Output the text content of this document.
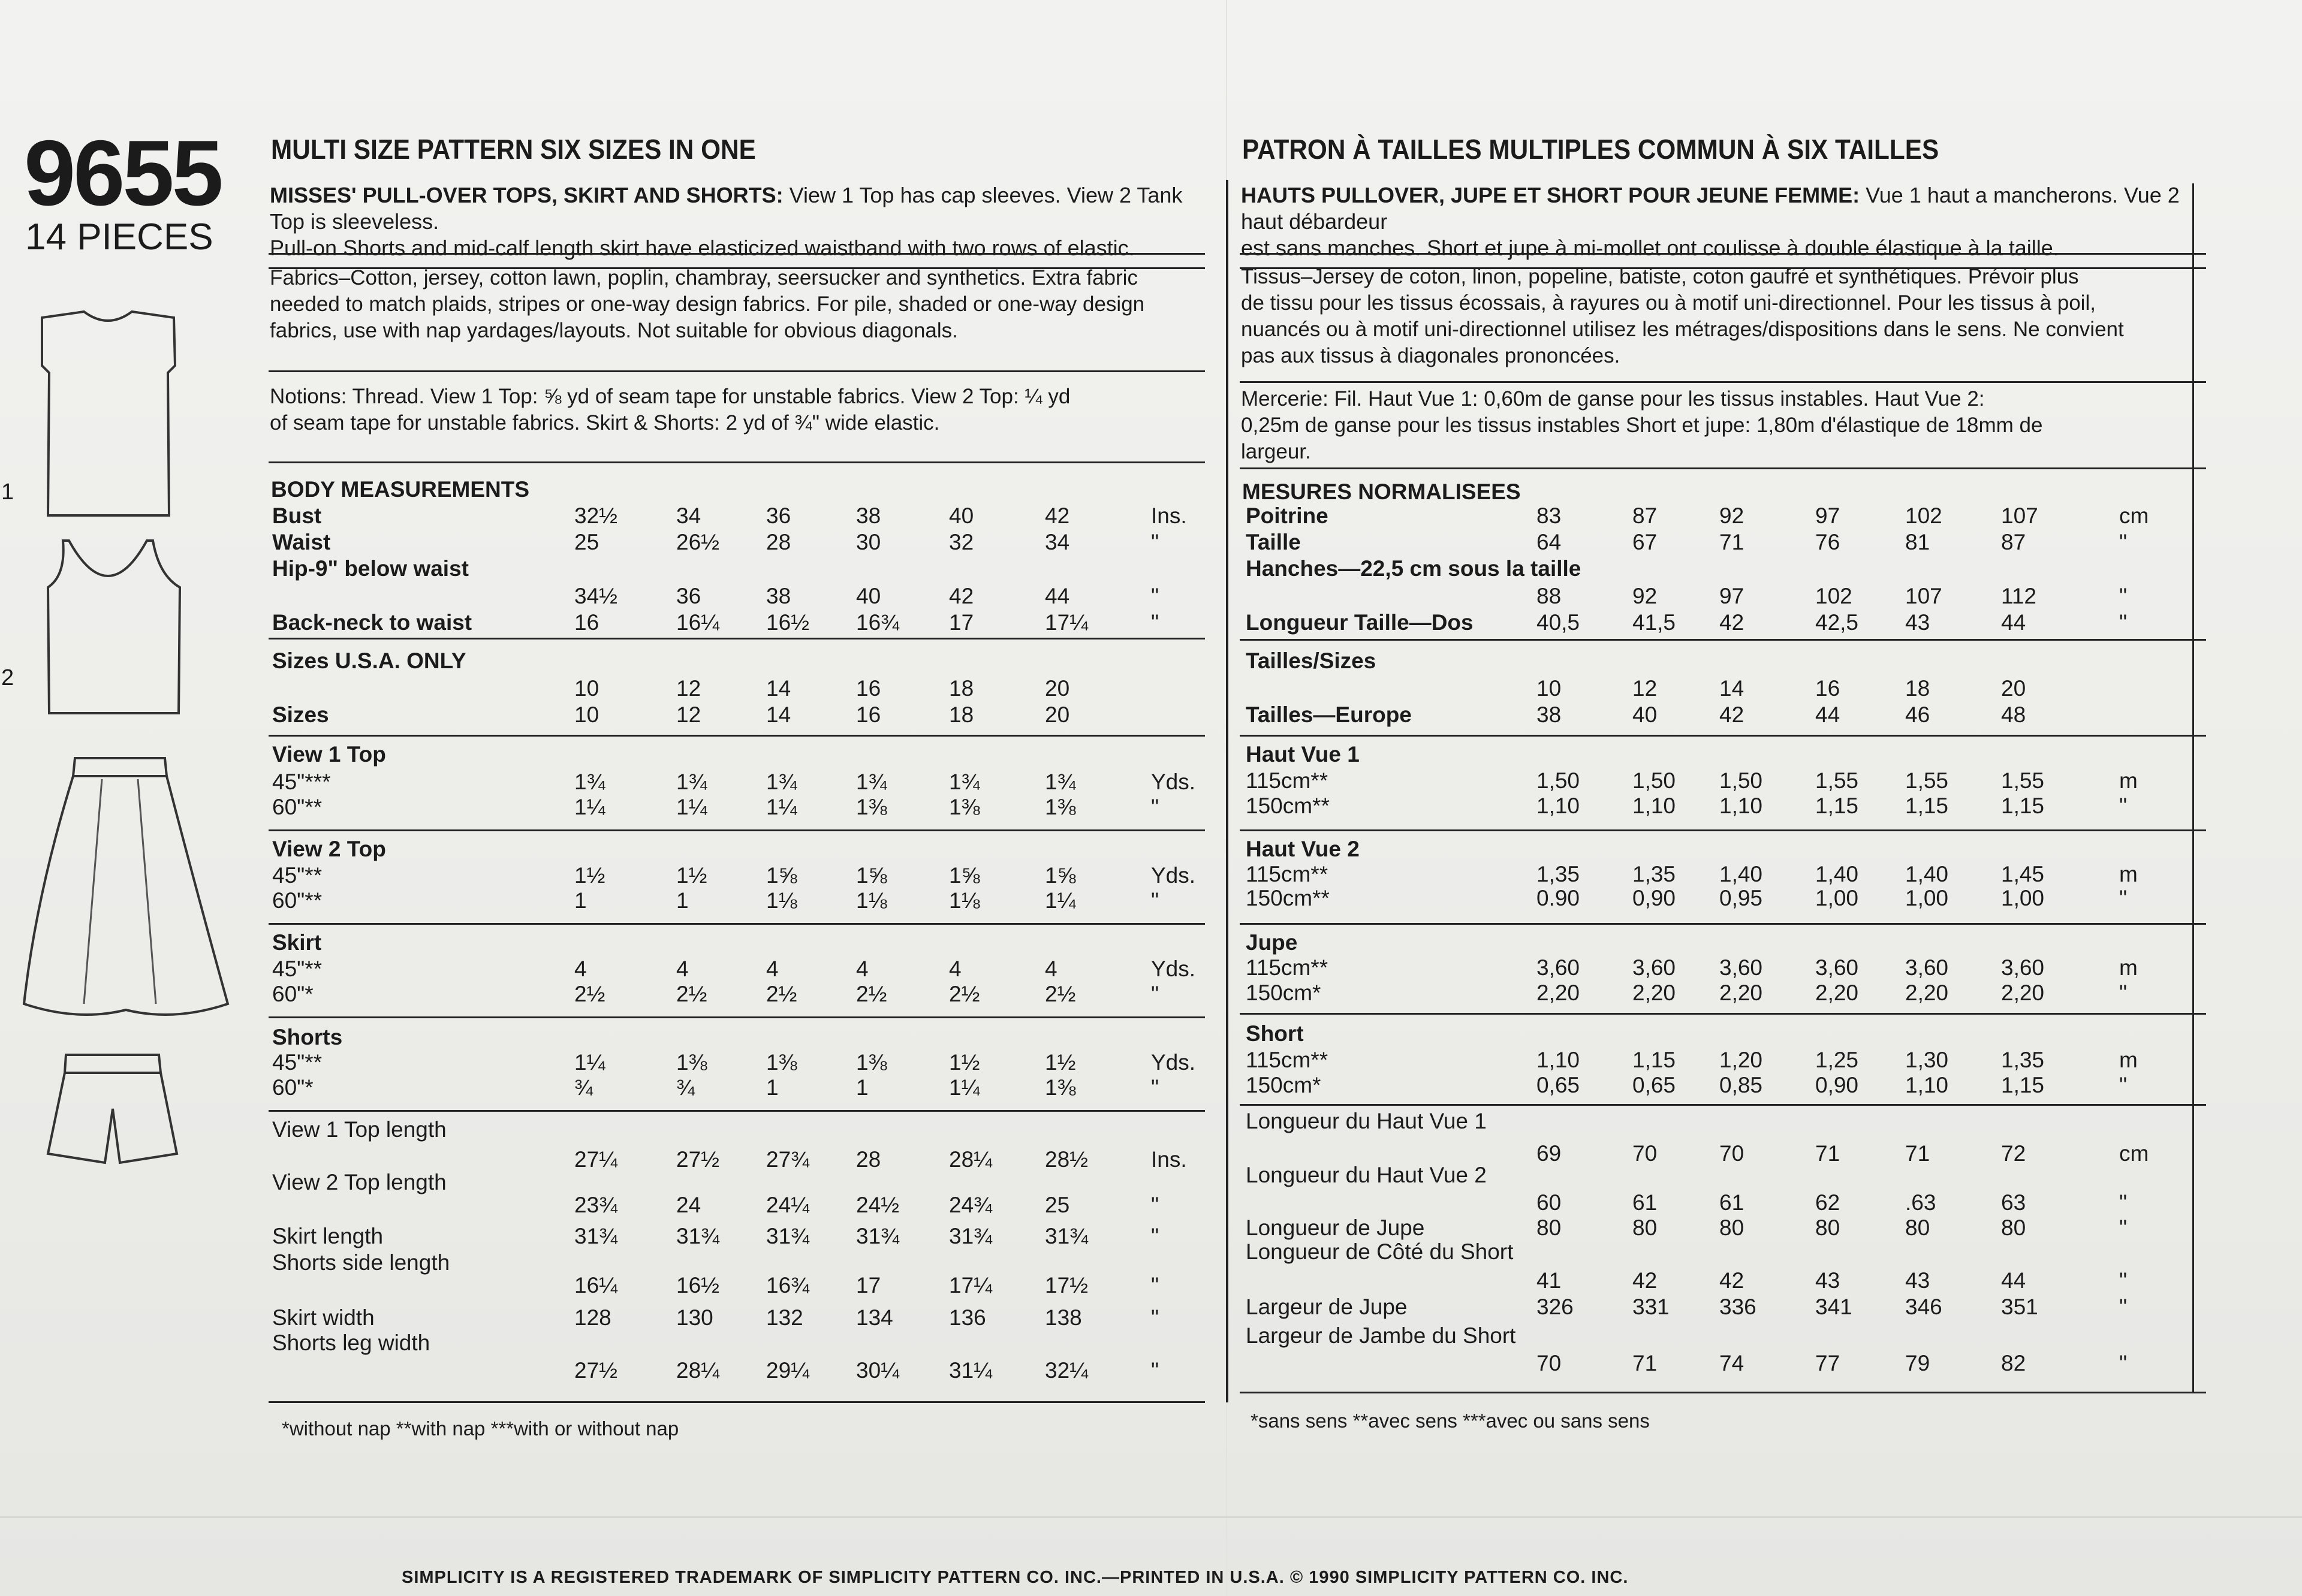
9655
14 PIECES
1
2
MULTI SIZE PATTERN SIX SIZES IN ONE
MISSES' PULL-OVER TOPS, SKIRT AND SHORTS: View 1 Top has cap sleeves. View 2 Tank Top is sleeveless.
Pull-on Shorts and mid-calf length skirt have elasticized waistband with two rows of elastic.
Fabrics–Cotton, jersey, cotton lawn, poplin, chambray, seersucker and synthetics. Extra fabric
needed to match plaids, stripes or one-way design fabrics. For pile, shaded or one-way design
fabrics, use with nap yardages/layouts. Not suitable for obvious diagonals.
Notions: Thread. View 1 Top: ⅝ yd of seam tape for unstable fabrics. View 2 Top: ¼ yd
of seam tape for unstable fabrics. Skirt & Shorts: 2 yd of ¾" wide elastic.
BODY MEASUREMENTS
Bust	32½	34	36	38	40	42	Ins.
Waist	25	26½ 28	30	32	34	"
Hip-9" below waist
34½	36	38	40	42	44	"
Back-neck to waist	16	16¼ 16½ 16¾ 17	17¼	"
Sizes U.S.A. ONLY
10	12	14	16	18	20
Sizes	10	12	14	16	18	20
View 1 Top
45"***	1¾	1¾	1¾	1¾	1¾	1¾	Yds.
60"**	1¼	1¼	1¼	1⅜	1⅜	1⅜	"
View 2 Top
45"**	1½	1½	1⅝	1⅝	1⅝	1⅝	Yds.
60"**	1	1	1⅛	1⅛	1⅛	1¼	"
Skirt
45"**	4	4	4	4	4	4	Yds.
60"*	2½	2½	2½	2½	2½	2½	"
Shorts
45"**	1¼	1⅜	1⅜	1⅜	1½	1½	Yds.
60"*	¾	¾	1	1	1¼	1⅜	"
View 1 Top length
27¼	27½ 27¾ 28	28¼ 28½	Ins.
View 2 Top length
23¾	24	24¼ 24½ 24¾ 25	"
Skirt length	31¾	31¾ 31¾ 31¾ 31¾ 31¾	"
Shorts side length
16¼	16½ 16¾ 17	17¼ 17½	"
Skirt width	128	130 132 134	136	138	"
Shorts leg width
27½	28¼ 29¼ 30¼ 31¼ 32¼	"
*without nap **with nap ***with or without nap
PATRON À TAILLES MULTIPLES COMMUN À SIX TAILLES
HAUTS PULLOVER, JUPE ET SHORT POUR JEUNE FEMME: Vue 1 haut a mancherons. Vue 2 haut débardeur
est sans manches. Short et jupe à mi-mollet ont coulisse à double élastique à la taille.
Tissus–Jersey de coton, linon, popeline, batiste, coton gaufré et synthétiques. Prévoir plus
de tissu pour les tissus écossais, à rayures ou à motif uni-directionnel. Pour les tissus à poil,
nuancés ou à motif uni-directionnel utilisez les métrages/dispositions dans le sens. Ne convient
pas aux tissus à diagonales prononcées.
Mercerie: Fil. Haut Vue 1: 0,60m de ganse pour les tissus instables. Haut Vue 2:
0,25m de ganse pour les tissus instables Short et jupe: 1,80m d'élastique de 18mm de
largeur.
MESURES NORMALISEES
Poitrine	83	87	92	97	102	107	cm
Taille	64	67	71	76	81	87	"
Hanches—22,5 cm sous la taille
88	92	97	102 107	112	"
Longueur Taille—Dos	40,5 41,5 42	42,5 43	44	"
Tailles/Sizes
10	12	14	16	18	20
Tailles—Europe	38	40	42	44	46	48
Haut Vue 1
115cm**	1,50 1,50 1,50 1,55 1,55 1,55	m
150cm**	1,10 1,10 1,10 1,15 1,15 1,15	"
Haut Vue 2
115cm**	1,35 1,35 1,40 1,40 1,40 1,45	m
150cm**	0.90 0,90 0,95 1,00 1,00 1,00	"
Jupe
115cm**	3,60 3,60 3,60 3,60 3,60 3,60	m
150cm*	2,20 2,20 2,20 2,20 2,20 2,20	"
Short
115cm**	1,10 1,15 1,20 1,25 1,30 1,35	m
150cm*	0,65 0,65 0,85 0,90 1,10 1,15	"
Longueur du Haut Vue 1
69	70	70	71	71	72	cm
Longueur du Haut Vue 2
60	61	61	62	.63	63	"
Longueur de Jupe	80	80	80	80	80	80	"
Longueur de Côté du Short
41	42	42	43	43	44	"
Largeur de Jupe	326	331 336	341 346	351	"
Largeur de Jambe du Short
70	71	74	77	79	82	"
*sans sens **avec sens ***avec ou sans sens
SIMPLICITY IS A REGISTERED TRADEMARK OF SIMPLICITY PATTERN CO. INC.—PRINTED IN U.S.A. © 1990 SIMPLICITY PATTERN CO. INC.
